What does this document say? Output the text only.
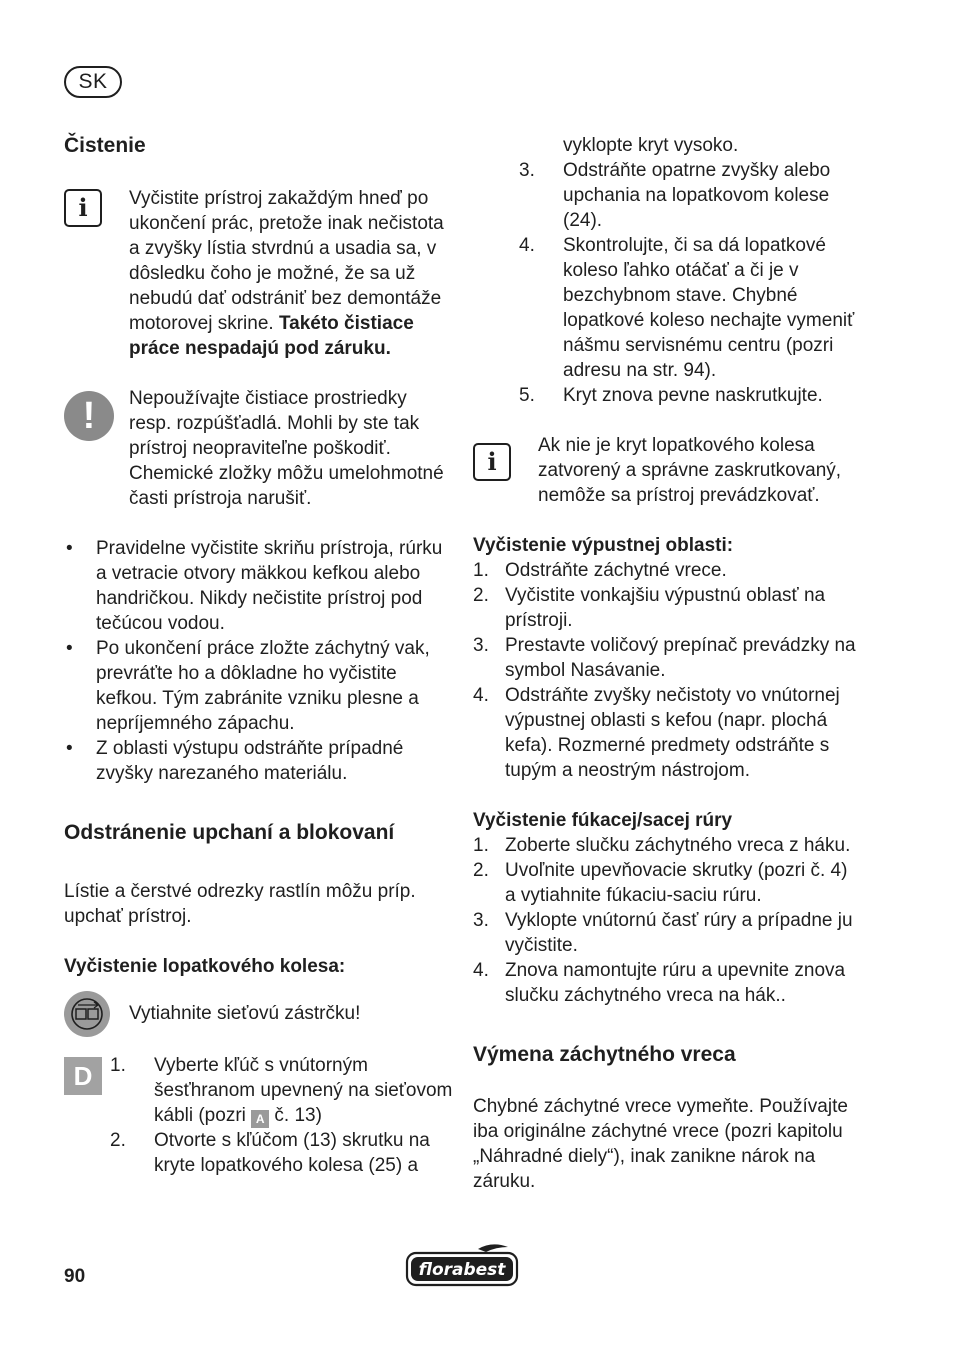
SK
Čistenie
i	Vyčistite prístroj zakaždým hneď po ukončení prác, pretože inak nečistota a zvyšky lístia stvrdnú a usadia sa, v dôsledku čoho je možné, že sa už nebudú dať odstrániť bez demontáže motorovej skrine. Takéto čistiace práce nespadajú pod záruku.
!	Nepoužívajte čistiace prostriedky resp. rozpúšťadlá. Mohli by ste tak prístroj neopraviteľne poškodiť. Chemické zložky môžu umelohmotné časti prístroja narušiť.
• Pravidelne vyčistite skriňu prístroja, rúrku a vetracie otvory mäkkou kefkou alebo handričkou. Nikdy nečistite prístroj pod tečúcou vodou.
• Po ukončení práce zložte záchytný vak, prevráťte ho a dôkladne ho vyčistite kefkou. Tým zabránite vzniku plesne a nepríjemného zápachu.
• Z oblasti výstupu odstráňte prípadné zvyšky narezaného materiálu.
Odstránenie upchaní a blokovaní

Lístie a čerstvé odrezky rastlín môžu príp. upchať prístroj.

Vyčistenie lopatkového kolesa:
Vytiahnite sieťovú zástrčku!
D 1. Vyberte kľúč s vnútorným šesťhranom upevnený na sieťovom kábli (pozri A č. 13)
2. Otvorte s kľúčom (13) skrutku na kryte lopatkového kolesa (25) a

vyklopte kryt vysoko.

3. Odstráňte opatrne zvyšky alebo upchania na lopatkovom kolese (24).
4. Skontrolujte, či sa dá lopatkové koleso ľahko otáčať a či je v bezchybnom stave. Chybné lopatkové koleso nechajte vymeniť nášmu servisnému centru (pozri adresu na str. 94).
5. Kryt znova pevne naskrutkujte.
i
Ak nie je kryt lopatkového kolesa zatvorený a správne zaskrutkovaný, nemôže sa prístroj prevádzkovať.
Vyčistenie výpustnej oblasti:
1. Odstráňte záchytné vrece.
2. Vyčistite vonkajšiu výpustnú oblasť na prístroji.
3. Prestavte voličový prepínač prevádzky na symbol Nasávanie.
4. Odstráňte zvyšky nečistoty vo vnútornej výpustnej oblasti s kefou (napr. plochá kefa). Rozmerné predmety odstráňte s tupým a neostrým nástrojom.
Vyčistenie fúkacej/sacej rúry
1. Zoberte slučku záchytného vreca z háku.
2. Uvoľnite upevňovacie skrutky (pozri č. 4) a vytiahnite fúkaciu-saciu rúru.
3. Vyklopte vnútornú časť rúry a prípadne ju vyčistite.
4. Znova namontujte rúru a upevnite znova slučku záchytného vreca na hák..
Výmena záchytného vreca

Chybné záchytné vrece vymeňte. Používajte iba originálne záchytné vrece (pozri kapitolu „Náhradné diely“), inak zanikne nárok na záruku.

90	florabest
